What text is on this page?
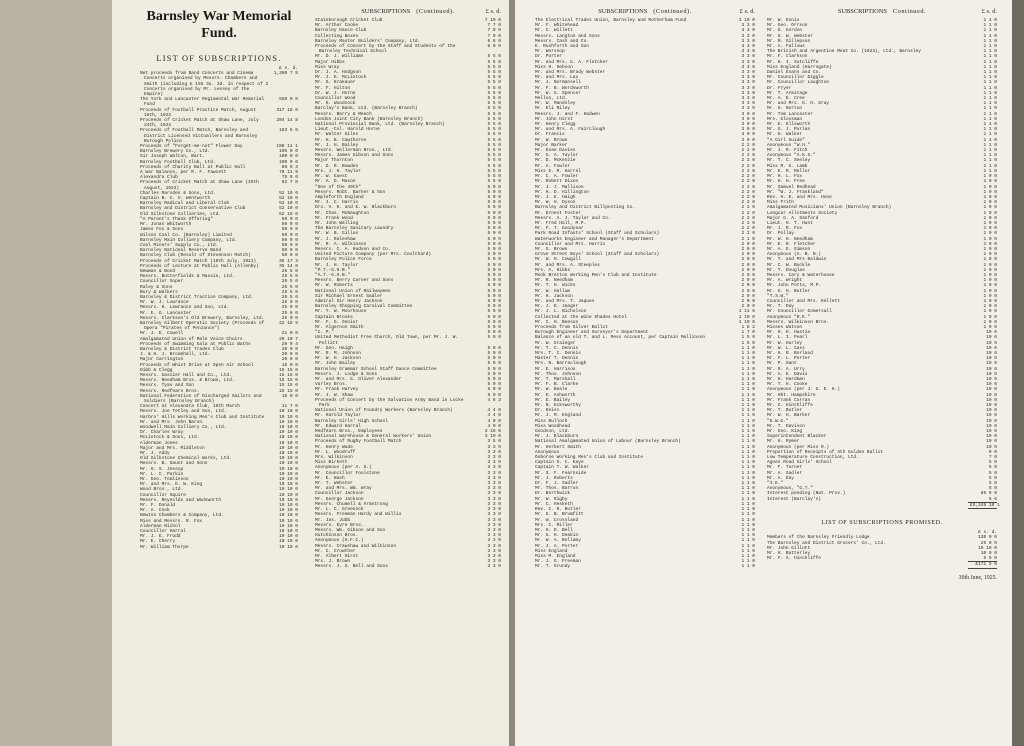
Barnsley War Memorial
Fund.
LIST OF SUBSCRIPTIONS.
£ s. d.
Net proceeds from Band Concerts and Cinema Concerts organised by Messrs. Chambers and Smith (including £ 155 3s. 3d. in respect of 2 Concerts organised by Mr. Lessey of the Empire)
1,360 7 5
The York and Lancaster Regimental War Memorial Fund
550 0 0
Proceeds of Football Practice Match, August 16th, 1923
317 18 0
Proceeds of Cricket Match at Shaw Lane, July 24th, 1924
204 14 8
Proceeds of Football Match, Barnsley and District Licensed Victuallers and Barnsley Borough Police
183 5 6
Proceeds of "Forget-me-not" Flower Day	108 11 1
Barnsley Brewery Co., Ltd.	105 0 0
Sir Joseph Walton, Bart.	100 0 0
Barnsley Football Club, Ltd.	100 0 0
Proceeds of Charity Ball at Public Hall	86 9 3
A War Balance, per R. F. Fawcett	78 11 9
Alexandra Club	75 0 0
Proceeds of Cricket Match at Shaw Lane (25th August, 1923)
62 7 0
Charles Marsden & Sons, Ltd.	52 10 0
Captain B. C. V. Wentworth	52 10 0
Barnsley Radical and Liberal Club	52 10 0
Barnsley and District Conservative Club	52 10 0
Old Silkstone Collieries, Ltd.	52 10 0
"A Parent's Thank Offering"	50 0 0
Mr. Jonas Whitworth	50 0 0
James Fox & Sons	50 0 0
Wilson Coal Co. (Barnsley) Limited	50 0 0
Barnsley Main Colliery Company, Ltd.	50 0 0
Coal Miners' Supply Co., Ltd.	50 0 0
Barnsley National Reserve Band	50 0 0
Barnsley Club (Result of Stevenson Match)	50 0 0
Proceeds of Cricket Match (10th July, 1921)	35 17 3
Proceeds of Lecture at Public Hall (Allenby)	35 14 0
Newman & Bond	26 5 0
Messrs. Butterfields & Massie, Ltd.	26 5 0
Councillor Soper	26 5 0
Raley & Sons	26 5 0
Bury & Walkers	26 5 0
Barnsley & District Traction Company, Ltd.	26 5 0
Mr. W. J. Lowrance	26 0 0
Messrs. H. Lewrance and Son, Ltd.	25 0 0
Mr. E. G. Lancaster	25 0 0
Messrs. Clarkson's Old Brewery, Barnsley, Ltd.	25 0 0
Barnsley Gilbert Operatic Society (Proceeds of Opera "Pirates of Penzance")
22 18 9
Mr. J. E. Cowell	21 0 0
Amalgamated Union of Male Voice Choirs	20 10 7
Proceeds of Swimming Gala at Public Baths	20 0 4
Barnsley & District Trades Club	20 0 0
J. & H. J. Broomhall, Ltd.	20 0 0
Major Carrington	20 0 0
Proceeds of Whist Drive at Open Air School	18 0 0
Dibb & Clegg	15 15 0
Messrs. Gascier Hall and Co., Ltd.	15 15 0
Messrs. Needham Bros. & Brown, Ltd.	15 15 0
Messrs. Tyas and Son	15 15 0
Messrs. Redfearn Bros.	15 15 0
National Federation of Discharged Sailors and Soldiers (Barnsley Branch)
15 0 0
Concert at Alexandra Club, 19th March	11 7 0
Messrs. Joe Tetley and Son, Ltd.	10 10 0
Harbro' Hills Working Men's Club and Institute	10 10 0
Mr. and Mrs. John Baron	10 10 0
Woodwell Main Colliery Co., Ltd.	10 10 0
Dr. Charles Wray	10 10 0
McLintock & Sons, Ltd.	10 10 0
Alderman Jones	10 10 0
Major and Mrs. Middleton	10 10 0
Mr. J. Addy	10 10 0
Old Silkstone Chemical Works, Ltd.	10 10 0
Messrs. B. Gaunt and Sons	10 10 0
Mr. H. S. Jessop	10 10 0
Mr. L. C. Parkin	10 10 0
Mr. Geo. Tomlinson	10 10 0
Mr. and Mrs. E. W. King	10 10 0
Wood Bros., Ltd.	10 10 0
Councillor Squire	10 10 0
Messrs. Reynolds and Wadsworth	10 10 0
Mr. F. Donald	10 10 0
Mr. A. Cook	10 10 0
Newton Chambers & Company, Ltd.	10 10 0
Miss and Messrs. R. Fox	10 10 0
Alderman Nichol	10 10 0
Councillor Harral	10 10 0
Mr. J. E. Frudd	10 10 0
Mr. E. Cherry	10 10 0
Mr. William Thorpe	10 10 0
SUBSCRIPTIONS (Continued).	£ s. d.
Stainborough Cricket Club	7 10 0
Mr. Arthur Cooke	7 7 0
Barnsley Dance Club	7 0 0
Collecting Boxes	7 0 0
Barnsley Master Builders' Company, Ltd.	6 6 0
Proceeds of Concert by the Staff and Students of the Barnsley Technical School
6 0 0
Mr. D. J. Williams	5 5 0
Major Hibbs	5 5 0
Miss Wray	5 5 0
Dr. J. A. Hodgson	5 5 0
Mr. J. E. McLintock	5 5 0
Mr. S. Krakauer	5 5 0
Mr. F. Hilton	5 5 0
Dr. W. J. Horne	5 5 0
Councillor Wood	5 5 0
Mr. H. Woodcock	5 5 0
Barclay's Bank, Ltd. (Barnsley Branch)	5 5 0
Messrs. Berry & Meech	5 5 0
London Joint City Bank (Barnsley Branch)	5 5 0
National Provincial Bank, Ltd. (Barnsley Branch)	5 5 0
Lieut.-Col. Harold Horne	5 5 0
Mr. Walter Giles	5 5 0
Mr. H. B. Cawthorne	5 5 0
Mr. J. H. Bailey	5 5 0
Messrs. Wellerman Bros., Ltd.	5 5 0
Messrs. James Gibson and Sons	5 5 0
Major Thornton	5 5 0
Mr. D. R. Bowden	5 5 0
Mrs. J. H. Taylor	5 5 0
Mr. W. Guest	5 5 0
Mr. A. D. Mason	5 5 0
"One of the 49th"	5 0 0
Messrs. Robt. Barker & Son	5 0 0
Ampleforth England	5 0 0
Mr. J. C. Harris	5 0 0
Drs. V. K. and E. W. Blackburn	5 0 0
Mr. Chas. McNaughton	5 0 0
Mr. Frank Wood	5 0 0
Mr. John Walling	5 0 0
The Barnsley Sanitary Laundry	5 0 0
Mr. W. B. Gillus	5 0 0
Mr. J. Raleshaw	5 0 0
Mr. R. A. Wilkinson	5 0 0
Messrs. C. A. Hudson and Co.	5 0 0
United Picture Company (per Mrs. Coulthard)	5 0 0
Barnsley Police Force	5 0 0
Mr. J. H. Taylor	5 0 0
"P.T.-G.H.B."	5 0 0
"A.T.-G.H.B."	5 0 0
Messrs. Berry Carver and Sons	5 0 0
Mr. W. Roberts	5 0 0
National Union of Railwaymen	5 0 0
Sir Michael Ernest Sadler	5 0 0
Admiral Sir Henry Jackson	5 0 0
Barnsley Shopping Carnival Committee	5 0 0
Mr. T. W. Moorhouse	5 0 0
Captain Brooks	5 0 0
Mr. F. G. Senior	5 0 0
Mr. Algernon Smith	5 0 0
"C. P."	5 0 0
United Methodist Free Church, Old Town, per Mr. J. W. Pollitt
5 0 0
Mr. Geo. Haigh	5 0 0
Mr. R. M. Johnson	5 0 0
Mr. W. H. Jackson	5 0 0
Mr. John Bailey	5 0 0
Barnsley Grammar School Staff Dance Committee	5 0 0
Messrs. J. Lodge & Sons	5 0 0
Mr. and Mrs. G. Oliver Alexander	5 0 0
Varley Bros.	5 0 0
Mr. Frank Harvey	5 0 0
Mr. J. W. Shaw	5 0 0
Proceeds of Concert by the Salvation Army Band in Locke Park
4 8 3
National Union of Foundry Workers (Barnsley Branch)	4 4 0
Mr. Harold Taylor	4 4 0
Barnsley Girls' High School	4 0 0
Mr. Edward Harral	4 0 0
Redfearn Bros., Employees	3 16 6
National Warehouse & General Workers' Union	3 10 0
Proceeds of Rugby Football Match	3 5 0
Mr. Henry Wade	3 3 0
Mr. L. Woodruff	3 3 0
Mrs. Wilkinson	3 3 0
Miss Birkett	3 3 0
Anonymous (per A. S.)	3 3 0
Mr. Councillor Foulstone	3 3 0
Mr. E. Nash	3 3 0
Mr. T. Webster	3 3 0
Mr. and Mrs. Wm. Wray	3 3 0
Councillor Jackson	3 3 0
Mr. George Jackson	3 3 0
Messrs. Chumell & Armstrong	3 3 0
Mr. L. C. Greenock	3 3 0
Messrs. Freeman Hardy and Willis	3 3 0
Mr. Jas. Jubb	3 3 0
Messrs. Eyre Bros.	3 3 0
Messrs. Wm. Gibson and Son	3 3 0
Hutchinson Bros.	3 3 0
Anonymous (H.F.C.)	3 3 0
Messrs. Crawshaw and Wilkinson	3 3 0
Mr. C. Crowther	3 3 0
Mr. Albert Hirst	3 3 0
Mrs. J. Brown	3 3 0
Messrs. J. G. Bell and Sons	3 3 0
SUBSCRIPTIONS (Continued).	£ s. d.
The Electrical Trades Union, Barnsley and Rotherham Fund	3 10 0
Mr. F. Whitehead	3 3 0
Mr. C. Willett	3 3 0
Messrs. Langton and Sons	3 3 0
Messrs. Cash and Co.	3 3 0
E. Rushforth and Son	3 3 0
Mr. Worsnop	3 3 0
Dr. Porter	3 3 0
Mr. and Mrs. G. A. Fletcher	3 3 0
Miss H. Hebson	3 3 0
Mr. and Mrs. Brady Webster	3 3 0
Mr. and Mrs. Lax	3 3 0
Mr. J. Normansell	3 3 0
Mr. F. B. Wordsworth	3 3 0
Mr. W. G. Spencer	3 3 0
Mellon, Ltd.	3 3 0
Mr. W. Mandsley	3 3 0
Mr. Eli Riley	3 3 0
Messrs. J. and F. Hadwen	3 0 0
Mr. John Hirst	3 0 0
Mr. Henry Clegg	3 0 0
Mr. and Mrs. A. Fairclough	3 0 0
Dr. Francis	3 0 0
Mr. W. Brown	3 0 0
Major Barker	2 2 0
Mr. Evan Davies	2 2 0
Mr. G. A. Taylor	2 2 0
Mr. D. McKenzie	2 2 0
Mr. A. Fowler	2 2 0
Miss E. M. Harral	2 2 0
Mr. C. A. Fowler	2 2 0
Mr. Robert Dixon	2 2 0
Mr. J. J. Mallison	2 2 0
Mr. H. D. Hillington	2 2 0
Mr. J. E. Haigh	2 2 0
Mr. W. H. Dyson	2 2 0
Barnsley and District Billposting Co.	2 2 0
Mr. Ernest Foster	2 2 0
Messrs. A. J. Taylor and Co.	2 2 0
Mr. Fred Hall, M.P.	2 2 0
Mr. F. T. Goodyear	2 2 0
Park Road Infants' School (Staff and Scholars)	2 2 0
Waterworks Engineer and Manager's Department	2 1 0
Councillor and Mrs. Harris	2 0 0
Mr. G. Brown	2 0 0
Grove Street Boys' School (Staff and Scholars)	2 0 0
Mr. W. H. Cowgill	2 0 0
Mr. and Mrs. A. Steeples	2 0 0
Mrs. A. Hibbs	2 0 0
Monk Bretton Working Men's Club and Institute	2 0 0
Mr. R. Needham	2 0 0
Mr. T. H. Wicks	2 0 0
Mr. W. Hallum	2 0 0
Mr. H. Jackson	2 0 0
Mr. and Mrs. T. Jaques	2 0 0
Mr. J. E. Jaeger	2 0 0
Mr. J. L. Nicholson	1 11 6
Collected at the Wine Shades Hotel	1 10 0
Mr. C. H. Beeson	1 10 0
Proceeds from Silver Ballot	1 8 2
Borough Engineer and Surveyor's Department	1 7 0
Balance of an old T. and L. Mess Account, per Captain Mallinson	1 5 0
Mr. W. Grainger	1 5 0
Mr. T. C. Dennis	1 1 0
Mrs. T. C. Dennis	1 1 0
Master T. Dennis	1 1 0
Mrs. N. Barraclough	1 1 0
Mr. E. Harrison	1 1 0
Mr. Thos. Johnson	1 1 0
Mr. T. Marshall	1 1 0
Mr. F. B. Clarke	1 1 0
Mr. W. Beale	1 1 0
Mr. E. Ashworth	1 1 0
Mr. E. Bailey	1 1 0
Mr. N. Ecksworthy	1 1 0
Dr. Keiss	1 1 0
Mr. J. M. England	1 1 0
Miss Bulloch	1 1 0
Miss Woodhead	1 1 0
Goodson, Ltd.	1 1 0
Mr. J. Blackburn	1 1 0
National Amalgamated Union of Labour (Barnsley Branch)	1 1 0
Mr. Herbert Smith	1 1 0
Anonymous	1 1 0
Osborne Working Men's Club and Institute	1 1 0
Captain S. C. Kaye	1 1 0
Captain T. W. Walker	1 1 0
Mr. S. F. Fearnside	1 1 0
Mr. J. Roberts	1 1 0
Dr. F. J. Sadler	1 1 0
Mr. Thos. Barron	1 1 0
Dr. Borthwick	1 1 0
Mr. W. Rigby	1 1 0
Mr. C. Hesketh	1 1 0
Rev. C. R. Butler	1 1 0
Mr. G. B. Brumfitt	1 1 0
Mr. W. Crossland	1 1 0
Mrs. C. Miller	1 1 0
Mr. H. D. Bell	1 1 0
Mr. G. H. Deakin	1 1 0
Mr. W. A. Bellamy	1 1 0
Mr. J. A. Porter	1 1 0
Miss England	1 1 0
Miss M. England	1 1 0
Mr. J. G. Freeman	1 1 0
Mr. T. Grundy	1 1 0
SUBSCRIPTIONS Continued.	£ s. d.
Mr. W. Ennis	1 1 0
Mr. Geo. Orrson	1 1 0
Mr. G. Gordon	1 1 0
Mr. S. W. Webster	1 1 0
Mr. M. Gillepson	1 1 0
Mr. A. Fallows	1 1 0
The British and Argentine Meat Co. (1923), Ltd., Barnsley	1 1 0
Mr. F. Clarkson	1 1 0
Mr. K. I. Sutcliffe	1 1 0
Miss England (Harrogate)	1 1 0
Daniel Evans and Co.	1 1 0
Mr. Councillor Diggle	1 1 0
Mr. Councillor Laughton	1 1 0
Dr. Fryer	1 1 0
Mr. T. Armitage	1 1 0
Mr. A. E. Cree	1 1 0
Mr. and Mrs. G. H. Gray	1 1 0
Mr. H. Norton	1 1 0
Mr. Tom Lancaster	1 1 0
Mrs. Glossman	1 1 0
Mr. E. Ellsworth	1 1 0
Mr. G. J. Purlan	1 1 0
Mr. H. Walker	1 1 0
"A Girl Guide"	1 1 0
Anonymous "W.H."	1 1 0
Mr. J. R. Fitch	1 1 0
Anonymous "A.K.S."	1 1 0
Mr. T. C. Seeley	1 1 0
Miss M. G. Lamb	1 1 0
Mr. E. R. Mellor	1 1 0
Mr. H. L. Fox	1 0 0
Mr. H. H. Free	1 0 0
Mr. Samuel Redhead	1 0 0
Mr. "W. J. Frankland"	1 0 0
Rev. H. E. and Mrs. Hone	1 0 0
Miss Frith	1 0 0
Amalgamated Musicians' Union (Barnsley Branch)	1 0 0
Longcar Allotments Society	1 0 0
Major G. A. Sanford	1 0 0
Lieut. H. T. Hunt	1 0 0
Mr. J. R. Fox	1 0 0
Dr. Pollay	1 0 0
Mr. W. H. Needham	1 0 0
Mr. E. R. Fletcher	1 0 0
Mr. A. E. Simson	1 0 0
Anonymous (A. B. N.)	1 0 0
Mr. T. and Mrs Baldwin	1 0 0
Mr. C. W. Buckle	1 0 0
Mr. T. Douglas	1 0 0
Messrs. Cary & Waterhouse	1 0 0
Mr. A. Wright	1 0 0
Mr. John Potts, M.P.	1 0 0
Mr. G. H. Butler	1 0 0
"T.S.W."	1 0 0
Councillor and Mrs. Kellett	1 0 0
Mr. T. Day	1 0 0
Mr. Councillor Gomersall	1 0 0
Anonymous "R.E."	1 0 0
Messrs. Wilkinson Bros.	1 0 0
Misses Watson	1 0 0
Mr. H. H. Hastie	10 6
Mr. L. I. Pearl	10 6
Mr. W. Hurley	10 6
Mr. W. L. Cass	10 6
Mr. H. R. Borland	10 6
Mr. F. L. Porter	10 6
Mr. P. Sant	10 6
Mr. R. A. Urry	10 6
Mr. A. E. Davis	10 6
Mr. H. Hardman	10 6
Mr. T. H. Cooke	10 6
Anonymous (per J. G. E. H.)	10 0
Mr. Hbt. Hampshire	10 0
Mr. Frank Curran	10 0
Mr. C. Hinchliffe	10 0
Mr. T. Butler	10 0
Mr. W. H. Barker	10 0
"E.W.G."	10 0
Mr. T. Davison	10 0
Mr. Geo. King	10 0
Superintendent Blacker	10 0
Mr. H. Rymer	10 0
Anonymous (per Miss R.)	10 0
Proportion of Receipts of 4th Golden Ballot	9 0
Low Temperature Construction, Ltd.	7 0
Agnes Road Girls' School	5 0
Mr. F. Turner	5 0
Mr. A. Sadler	5 0
Mr. A. Day	5 0
"I.E."	5 0
Anonymous, "G.T."	5 0
Interest pending (Nat. Prov.)	65 9 0
Interest (Barclay's)	6 6
£5,245 10 1
LIST OF SUBSCRIPTIONS PROMISED.
£ s. d.
Members of the Barnsley Friendly Lodge	130 0 0
The Barnsley and District Grocers' Co., Ltd.	25 0 0
Mr. John Gillott	10 10 0
Mr. H. Batterley	10 0 0
Mr. F. A. Hinchliffe	5 5 0
£171 5 0
30th June, 1925.
